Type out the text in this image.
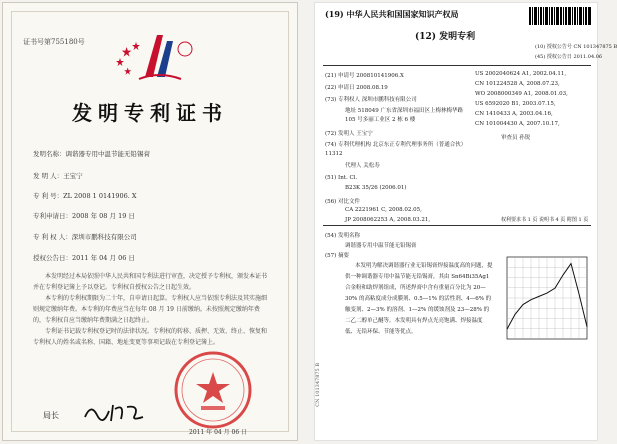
证书号第755180号
发明专利证书
发明名称：调谐器专用中温节能无铅锡膏
发 明 人：王宝宁
专 利 号：ZL 2008 1 0141906. X
专利申请日：2008 年 08 月 19 日
专 利 权 人：深圳市鹏科技有限公司
授权公告日：2011 年 04 月 06 日
本发明经过本局依照中华人民共和国专利法进行审查，决定授予专利权，颁发本证书并在专利登记簿上予以登记。专利权自授权公告之日起生效。
本专利的专利权期限为二十年，自申请日起算。专利权人应当依照专利法及其实施细则规定缴纳年费。本专利的年费应当在每年 08 月 19 日前缴纳。未按照规定缴纳年费的，专利权自应当缴纳年费期满之日起终止。
专利证书记载专利权登记时的法律状况。专利权的转移、质押、无效、终止、恢复和专利权人的姓名或名称、国籍、地址变更等事项记载在专利登记簿上。
局长
2011 年 04 月 06 日
(19) 中华人民共和国国家知识产权局
(12) 发明专利
(10) 授权公告号 CN 101347875 B
(45) 授权公告日 2011.04.06
(21) 申请号 200810141906.X
(22) 申请日 2008.08.19
(73) 专利权人 深圳市鹏科技有限公司
地址 518049 广东省深圳市福田区上梅林梅华路 105 号多丽工业区 2 栋 6 楼
(72) 发明人 王宝宁
(74) 专利代理机构 北京东正专利代理事务所（普通合伙）11312
代理人 关松寿
(51) Int. Cl.
B23K 35/26 (2006.01)
(56) 对比文件
CA 2221961 C, 2008.02.05,
JP 2008062253 A, 2008.03.21,
US 2002040624 A1, 2002.04.11,
CN 101224528 A, 2008.07.23,
WO 2008000349 A1, 2008.01.03,
US 6592020 B1, 2003.07.15,
CN 1410433 A, 2003.04.16,
CN 101004430 A, 2007.10.17,
审查员 孙锐
权利要求书 1 页 说明书 4 页 附图 1 页
(54) 发明名称
调谐器专用中温节能无铅锡膏
(57) 摘要
本发明为解决调谐器行业无铅锡膏焊接温度高的问题，提供一种调谐器专用中温节能无铅锡膏，其由 Sn64Bi35Ag1 合金粉和助焊剂组成，所述焊膏中含有重量百分比为 20—30% 的高粘度成分成膜剂、0.5—1% 的活性剂、4—6% 的触变剂、2—3% 的溶剂、1—2% 的缓蚀剂及 23—28% 的二乙二醇单己醚等。本发明具有焊点光亮饱满、焊接温度低、无铅环保、节能等优点。
CN 101347875 B
